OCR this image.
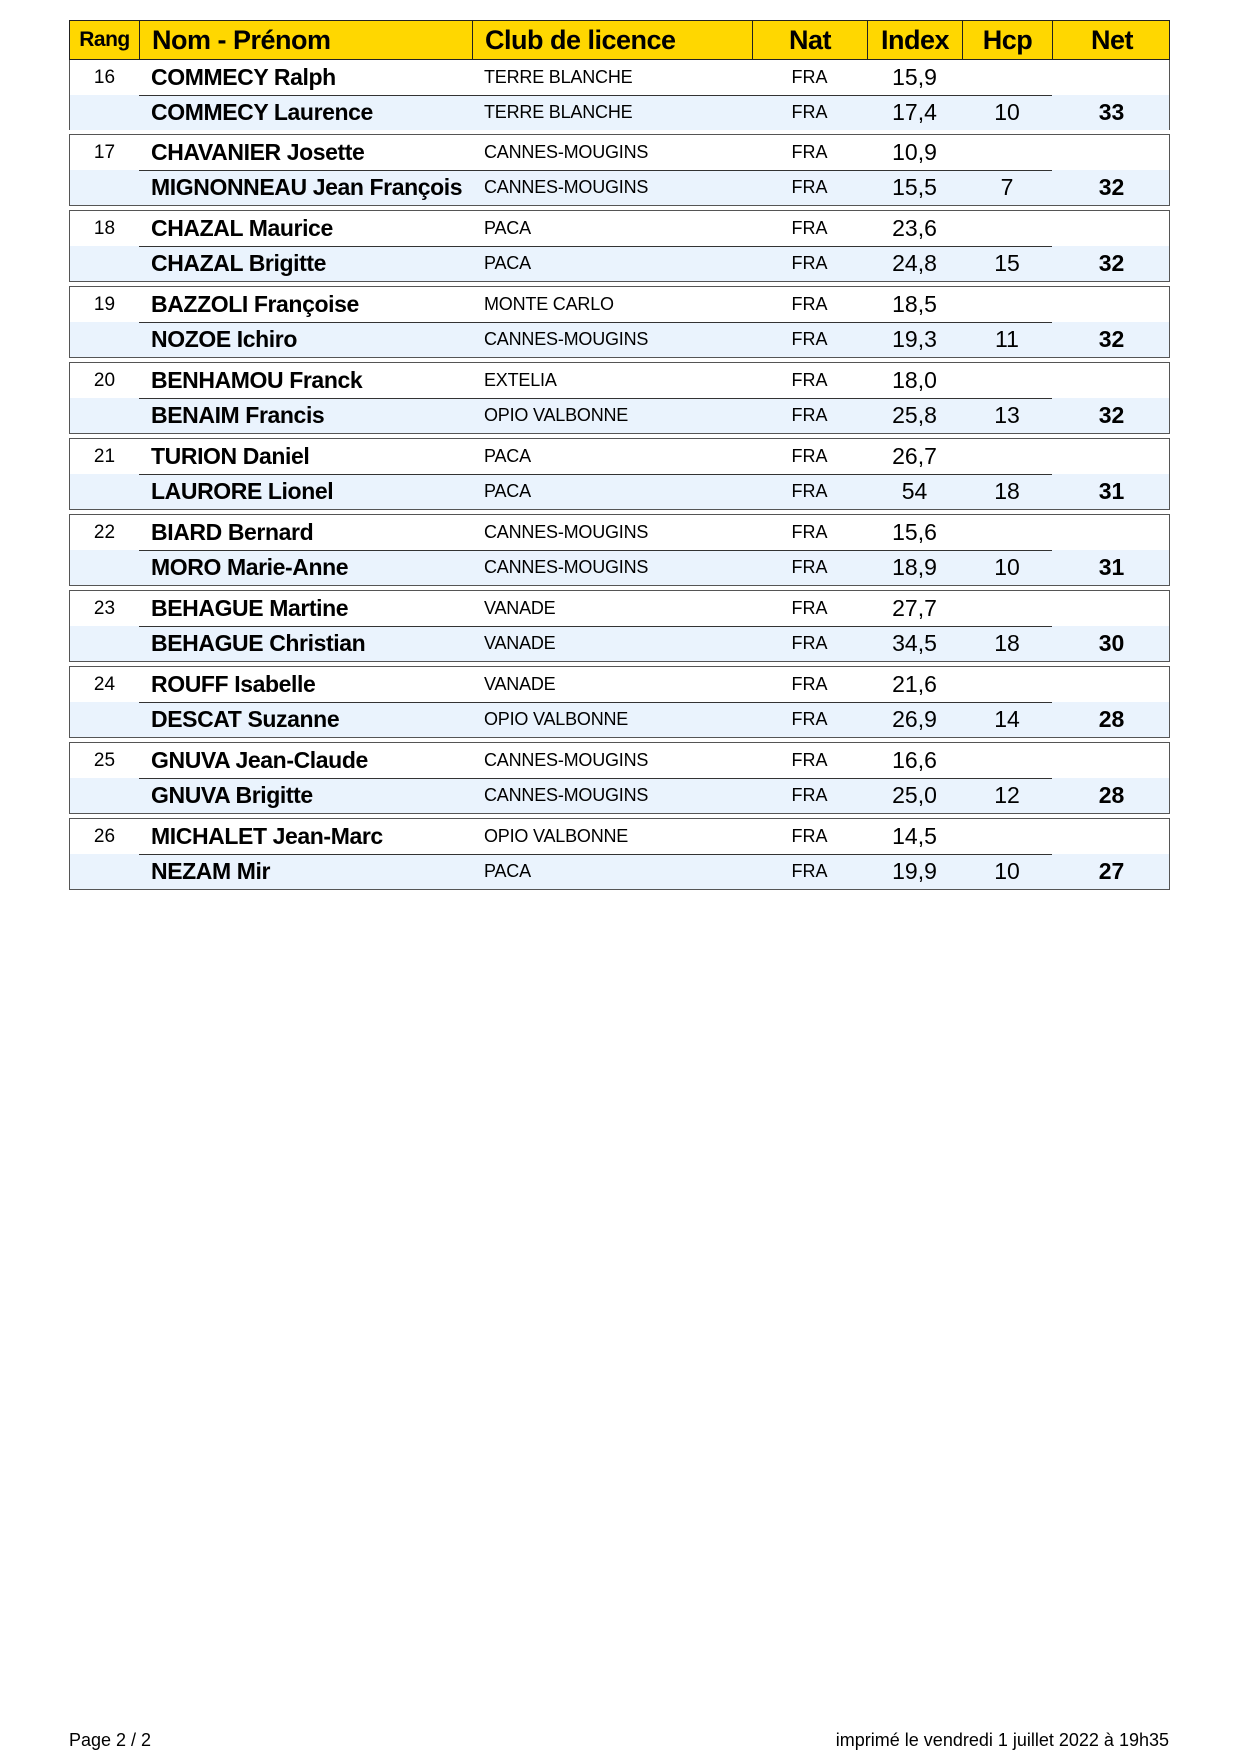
Rang Nom - Prénom	Club de licence	Nat	Index	Hcp	Net
16	COMMECY Ralph	TERRE BLANCHE	FRA	15,9
COMMECY Laurence	TERRE BLANCHE	FRA	17,4	10	33
17	CHAVANIER Josette	CANNES-MOUGINS	FRA	10,9
MIGNONNEAU Jean François	CANNES-MOUGINS	FRA	15,5	7	32
18	CHAZAL Maurice	PACA	FRA	23,6
CHAZAL Brigitte	PACA	FRA	24,8	15	32
19	BAZZOLI Françoise	MONTE CARLO	FRA	18,5
NOZOE Ichiro	CANNES-MOUGINS	FRA	19,3	11	32
20	BENHAMOU Franck	EXTELIA	FRA	18,0
BENAIM Francis	OPIO VALBONNE	FRA	25,8	13	32
21	TURION Daniel	PACA	FRA	26,7
LAURORE Lionel	PACA	FRA	54	18	31
22	BIARD Bernard	CANNES-MOUGINS	FRA	15,6
MORO Marie-Anne	CANNES-MOUGINS	FRA	18,9	10	31
23	BEHAGUE Martine	VANADE	FRA	27,7
BEHAGUE Christian	VANADE	FRA	34,5	18	30
24	ROUFF Isabelle	VANADE	FRA	21,6
DESCAT Suzanne	OPIO VALBONNE	FRA	26,9	14	28
25	GNUVA Jean-Claude	CANNES-MOUGINS	FRA	16,6
GNUVA Brigitte	CANNES-MOUGINS	FRA	25,0	12	28
26	MICHALET Jean-Marc	OPIO VALBONNE	FRA	14,5
NEZAM Mir	PACA	FRA	19,9	10	27
Page 2 / 2	imprimé le vendredi 1 juillet 2022 à 19h35
